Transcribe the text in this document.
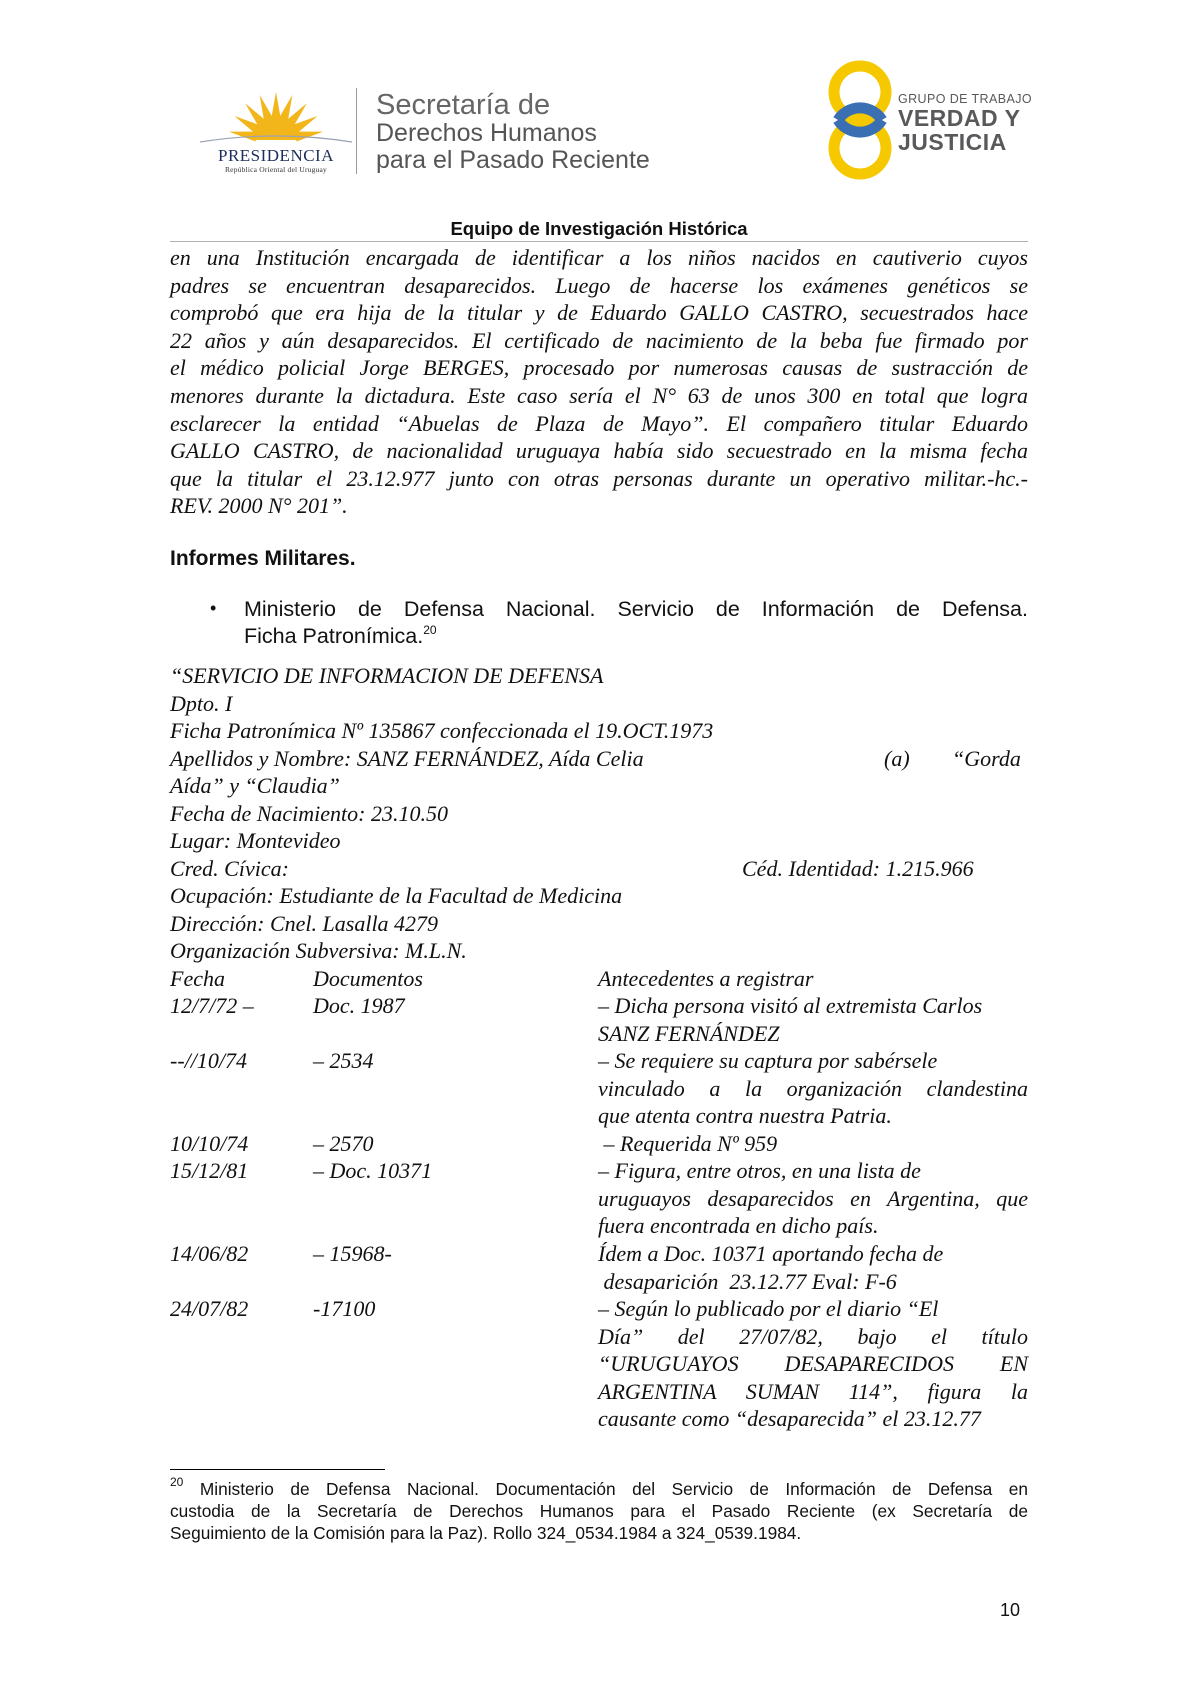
PRESIDENCIA
República Oriental del Uruguay
Secretaría de
Derechos Humanos
para el Pasado Reciente
GRUPO DE TRABAJO
VERDAD Y
JUSTICIA
Equipo de Investigación Histórica
en una Institución encargada de identificar a los niños nacidos en cautiverio cuyos
padres se encuentran desaparecidos. Luego de hacerse los exámenes genéticos se
comprobó que era hija de la titular y de Eduardo GALLO CASTRO, secuestrados hace
22 años y aún desaparecidos. El certificado de nacimiento de la beba fue firmado por
el médico policial Jorge BERGES, procesado por numerosas causas de sustracción de
menores durante la dictadura. Este caso sería el N° 63 de unos 300 en total que logra
esclarecer la entidad “Abuelas de Plaza de Mayo”. El compañero titular Eduardo
GALLO CASTRO, de nacionalidad uruguaya había sido secuestrado en la misma fecha
que la titular el 23.12.977 junto con otras personas durante un operativo militar.-hc.-
REV. 2000 N° 201”.
Informes Militares.
• Ministerio de Defensa Nacional. Servicio de Información de Defensa.
Ficha Patronímica.$^{20}$
“SERVICIO DE INFORMACION DE DEFENSA
Dpto. I
Ficha Patronímica Nº 135867 confeccionada el 19.OCT.1973
Apellidos y Nombre: SANZ FERNÁNDEZ, Aída Celia	(a) “Gorda
Aída” y “Claudia”
Fecha de Nacimiento: 23.10.50
Lugar: Montevideo
Cred. Cívica:	Céd. Identidad: 1.215.966
Ocupación: Estudiante de la Facultad de Medicina
Dirección: Cnel. Lasalla 4279
Organización Subversiva: M.L.N.
Fecha	Documentos	Antecedentes a registrar
12/7/72 –	Doc. 1987	– Dicha persona visitó al extremista Carlos
SANZ FERNÁNDEZ
--//10/74	– 2534	– Se requiere su captura por sabérsele
vinculado a la organización clandestina
que atenta contra nuestra Patria.
10/10/74	– 2570	– Requerida Nº 959
15/12/81	– Doc. 10371	– Figura, entre otros, en una lista de
uruguayos desaparecidos en Argentina, que
fuera encontrada en dicho país.
14/06/82	– 15968-	Ídem a Doc. 10371 aportando fecha de
desaparición  23.12.77 Eval: F-6
24/07/82	-17100	– Según lo publicado por el diario “El
Día” del 27/07/82, bajo el título
“URUGUAYOS DESAPARECIDOS EN
ARGENTINA SUMAN 114”, figura la
causante como “desaparecida” el 23.12.77
$^{20}$ Ministerio de Defensa Nacional. Documentación del Servicio de Información de Defensa en
custodia de la Secretaría de Derechos Humanos para el Pasado Reciente (ex Secretaría de
Seguimiento de la Comisión para la Paz). Rollo 324_0534.1984 a 324_0539.1984.
10
